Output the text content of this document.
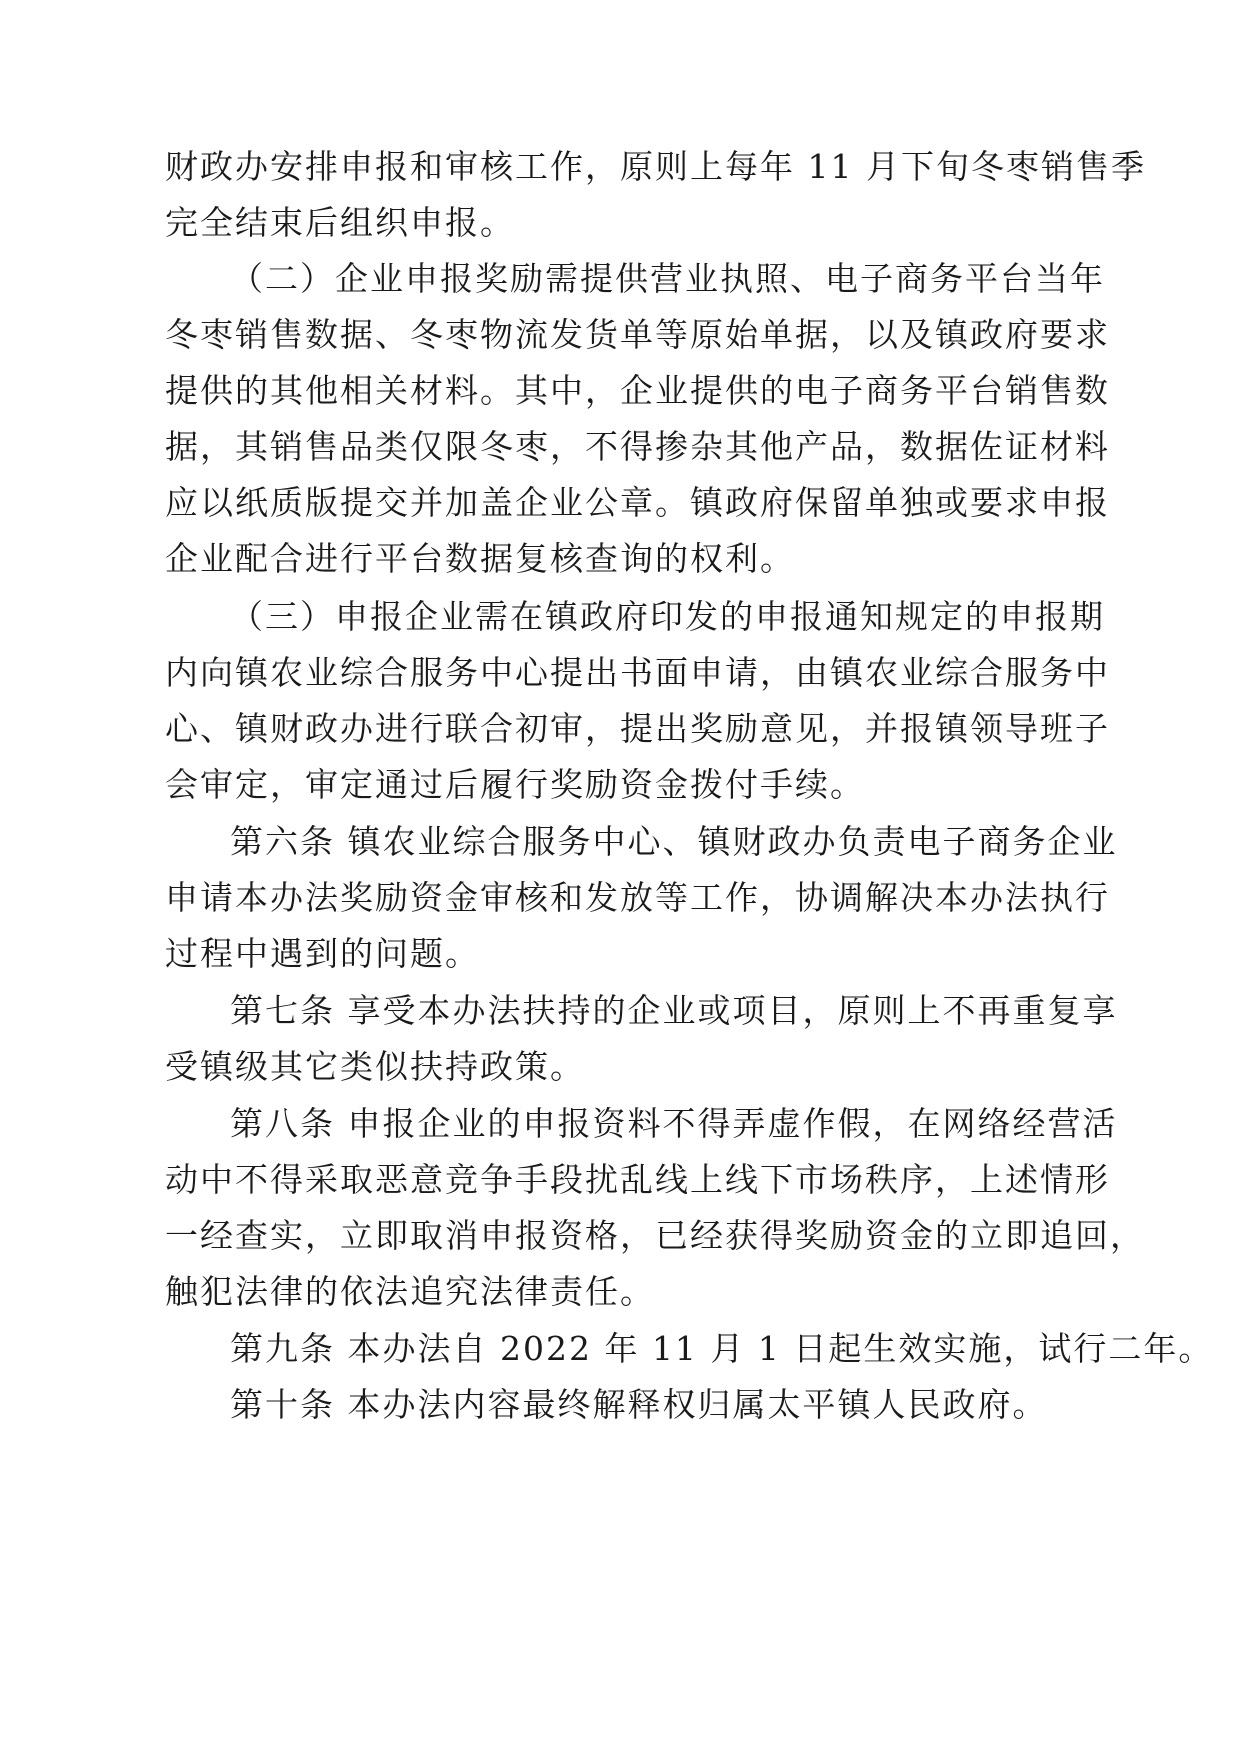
财政办安排申报和审核工作，原则上每年 11 月下旬冬枣销售季
完全结束后组织申报。
（二）企业申报奖励需提供营业执照、电子商务平台当年
冬枣销售数据、冬枣物流发货单等原始单据，以及镇政府要求
提供的其他相关材料。其中，企业提供的电子商务平台销售数
据，其销售品类仅限冬枣，不得掺杂其他产品，数据佐证材料
应以纸质版提交并加盖企业公章。镇政府保留单独或要求申报
企业配合进行平台数据复核查询的权利。
（三）申报企业需在镇政府印发的申报通知规定的申报期
内向镇农业综合服务中心提出书面申请，由镇农业综合服务中
心、镇财政办进行联合初审，提出奖励意见，并报镇领导班子
会审定，审定通过后履行奖励资金拨付手续。
第六条 镇农业综合服务中心、镇财政办负责电子商务企业
申请本办法奖励资金审核和发放等工作，协调解决本办法执行
过程中遇到的问题。
第七条 享受本办法扶持的企业或项目，原则上不再重复享
受镇级其它类似扶持政策。
第八条 申报企业的申报资料不得弄虚作假，在网络经营活
动中不得采取恶意竞争手段扰乱线上线下市场秩序，上述情形
一经查实，立即取消申报资格，已经获得奖励资金的立即追回，
触犯法律的依法追究法律责任。
第九条 本办法自 2022 年 11 月 1 日起生效实施，试行二年。
第十条 本办法内容最终解释权归属太平镇人民政府。
